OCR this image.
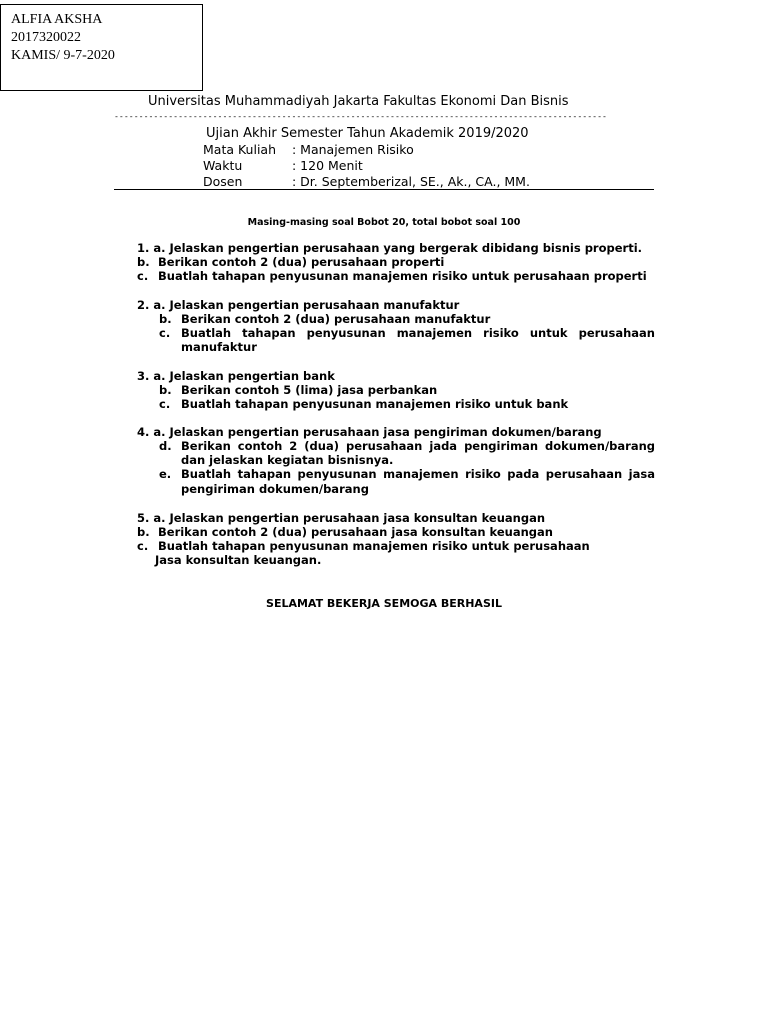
ALFIA AKSHA
2017320022
KAMIS/ 9-7-2020
Universitas Muhammadiyah Jakarta Fakultas Ekonomi Dan Bisnis
----------------------------------------------------------------------------------------------------
Ujian Akhir Semester Tahun Akademik 2019/2020
Mata Kuliah : Manajemen Risiko
Waktu	: 120 Menit
Dosen	: Dr. Septemberizal, SE., Ak., CA., MM.
Masing-masing soal Bobot 20, total bobot soal 100
1. a. Jelaskan pengertian perusahaan yang bergerak dibidang bisnis properti.
b. Berikan contoh 2 (dua) perusahaan properti
c. Buatlah tahapan penyusunan manajemen risiko untuk perusahaan properti
2. a. Jelaskan pengertian perusahaan manufaktur
b. Berikan contoh 2 (dua) perusahaan manufaktur
c. Buatlah tahapan penyusunan manajemen risiko untuk perusahaan
manufaktur
3. a. Jelaskan pengertian bank
b. Berikan contoh 5 (lima) jasa perbankan
c. Buatlah tahapan penyusunan manajemen risiko untuk bank
4. a. Jelaskan pengertian perusahaan jasa pengiriman dokumen/barang
d. Berikan contoh 2 (dua) perusahaan jada pengiriman dokumen/barang
dan jelaskan kegiatan bisnisnya.
e. Buatlah tahapan penyusunan manajemen risiko pada perusahaan jasa
pengiriman dokumen/barang
5. a. Jelaskan pengertian perusahaan jasa konsultan keuangan
b. Berikan contoh 2 (dua) perusahaan jasa konsultan keuangan
c. Buatlah tahapan penyusunan manajemen risiko untuk perusahaan
Jasa konsultan keuangan.
SELAMAT BEKERJA SEMOGA BERHASIL
